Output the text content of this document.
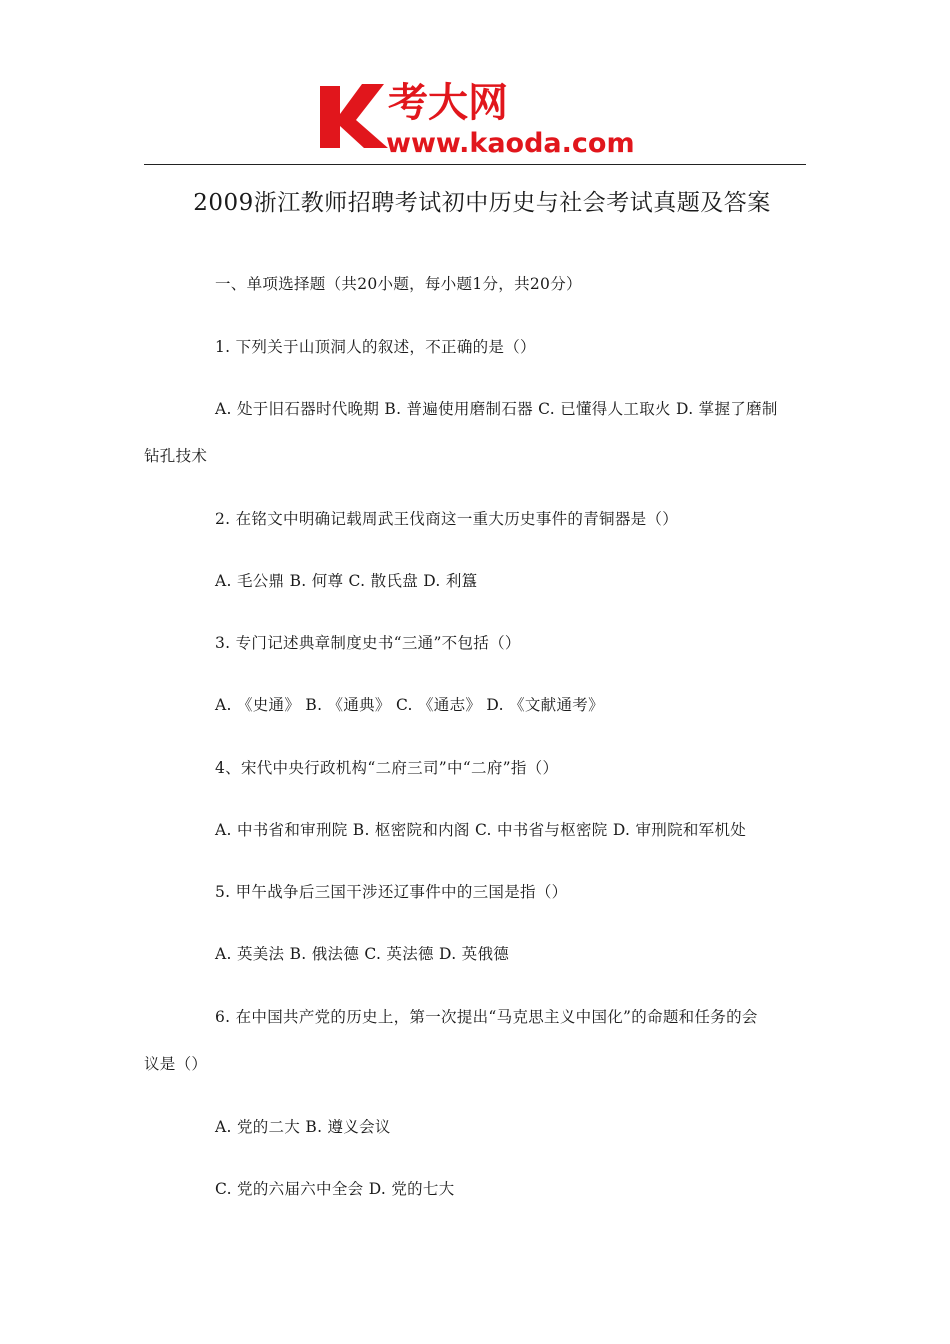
考大网
www.kaoda.com
2009浙江教师招聘考试初中历史与社会考试真题及答案
一、单项选择题（共20小题，每小题1分，共20分）
1. 下列关于山顶洞人的叙述，不正确的是（）
A. 处于旧石器时代晚期 B. 普遍使用磨制石器 C. 已懂得人工取火 D. 掌握了磨制
钻孔技术
2. 在铭文中明确记载周武王伐商这一重大历史事件的青铜器是（）
A. 毛公鼎 B. 何尊 C. 散氏盘 D. 利簋
3. 专门记述典章制度史书“三通”不包括（）
A. 《史通》 B. 《通典》 C. 《通志》 D. 《文献通考》
4、宋代中央行政机构“二府三司”中“二府”指（）
A. 中书省和审刑院 B. 枢密院和内阁 C. 中书省与枢密院 D. 审刑院和军机处
5. 甲午战争后三国干涉还辽事件中的三国是指（）
A. 英美法 B. 俄法德 C. 英法德 D. 英俄德
6. 在中国共产党的历史上，第一次提出“马克思主义中国化”的命题和任务的会
议是（）
A. 党的二大 B. 遵义会议
C. 党的六届六中全会 D. 党的七大
